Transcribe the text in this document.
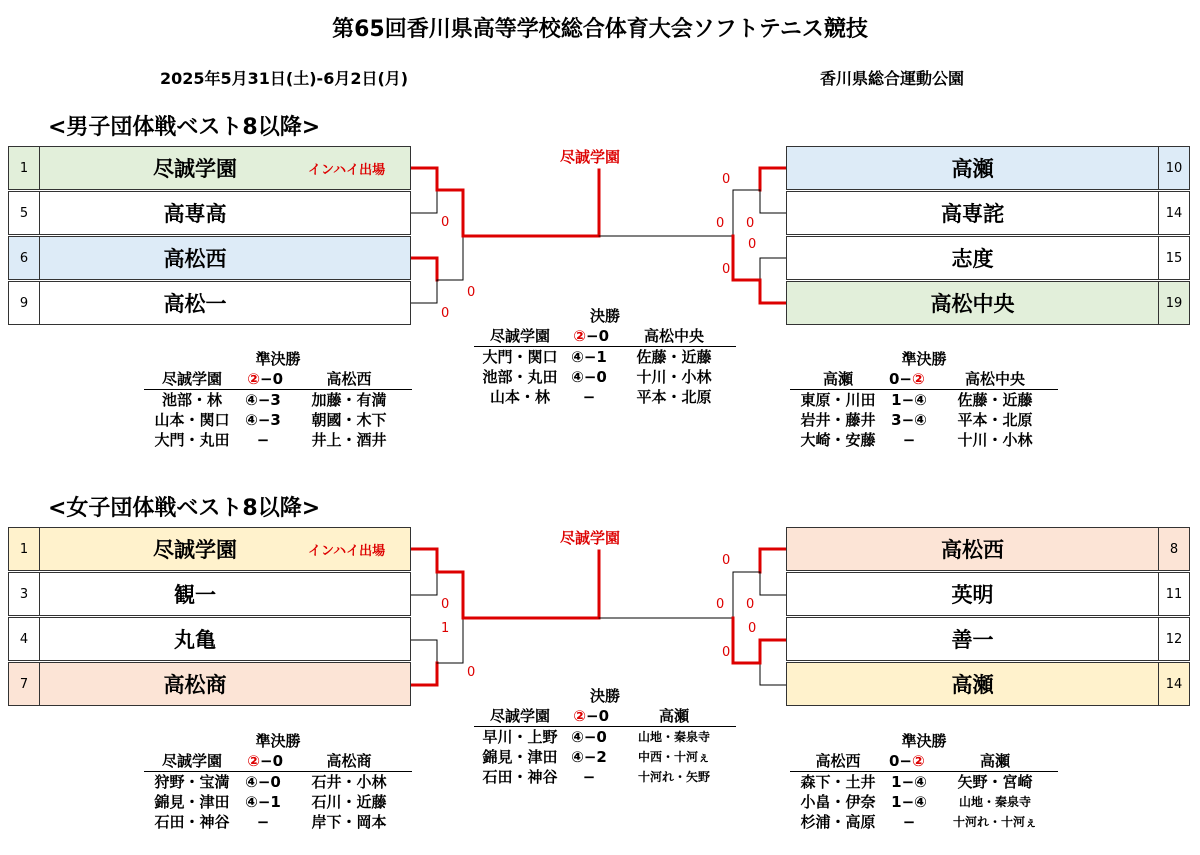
第65回香川県高等学校総合体育大会ソフトテニス競技
2025年5月31日(土)-6月2日(月)	香川県総合運動公園
<男子団体戦ベスト8以降>
1	尽誠学園
5	高専高
6	高松西
9	高松一
高瀬	10
高専詫	14
志度	15
高松中央	19
インハイ出場
尽誠学園
0
0
0
0 0
0
0
0
決勝
尽誠学園	② −0	高松中央
大門・関口 ④−1	佐藤・近藤
池部・丸田 ④−0	十川・小林
山本・林	−	平本・北原
準決勝
尽誠学園	② −0	高松西
池部・林	④−3	加藤・有満
山本・関口	④−3	朝國・木下
大門・丸田	−	井上・酒井
準決勝
高瀬	0− ②	高松中央
東原・川田	1−④	佐藤・近藤
岩井・藤井	3−④	平本・北原
大崎・安藤	−	十川・小林
<女子団体戦ベスト8以降>
1	尽誠学園
3	観一
4	丸亀
7	高松商
高松西	8
英明	11
善一	12
高瀬	14
インハイ出場
尽誠学園
0
1
0
0 0
0
0
0
決勝
尽誠学園	② −0	高瀬
早川・上野 ④−0	山地・秦泉寺
錦見・津田 ④−2	中西・十河ぇ
石田・神谷	−	十河れ・矢野
準決勝
尽誠学園	② −0	高松商
狩野・宝満	④−0	石井・小林
錦見・津田	④−1	石川・近藤
石田・神谷	−	岸下・岡本
準決勝
高松西	0− ②	高瀬
森下・土井	1−④	矢野・宮崎
小畠・伊奈	1−④	山地・秦泉寺
杉浦・高原	−	十河れ・十河ぇ
